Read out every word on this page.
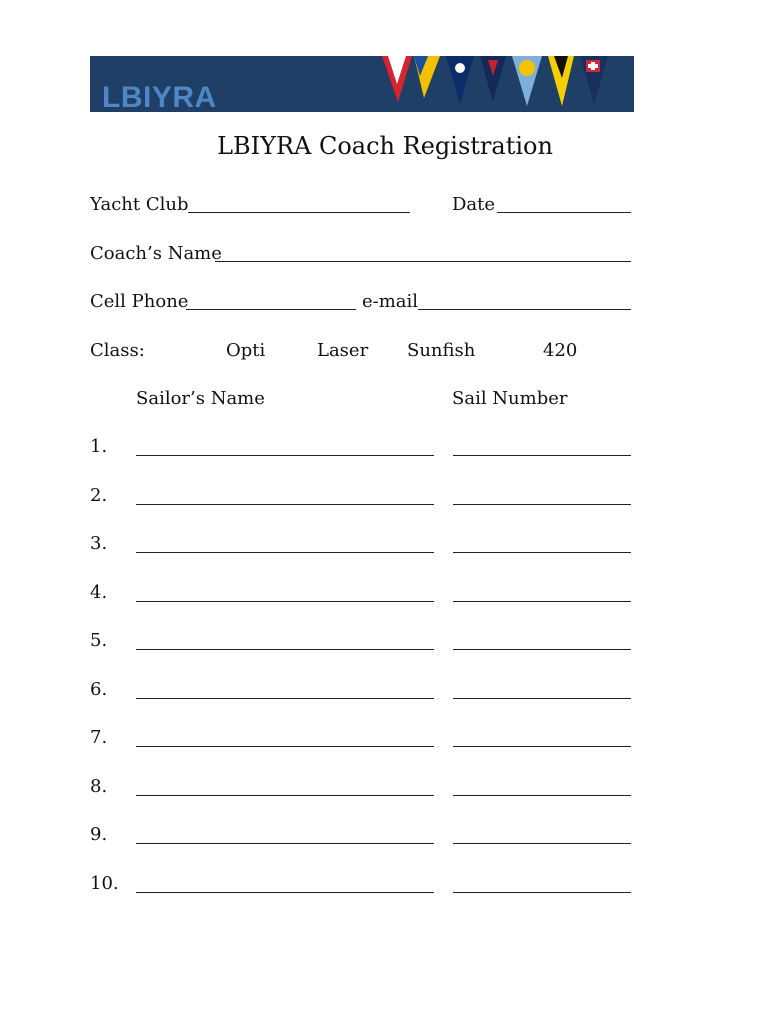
LBIYRA
LBIYRA Coach Registration
Yacht Club	Date
Coach’s Name
Cell Phone	e-mail
Class:	Opti	Laser Sunfish	420
Sailor’s Name	Sail Number
1.
2.
3.
4.
5.
6.
7.
8.
9.
10.
